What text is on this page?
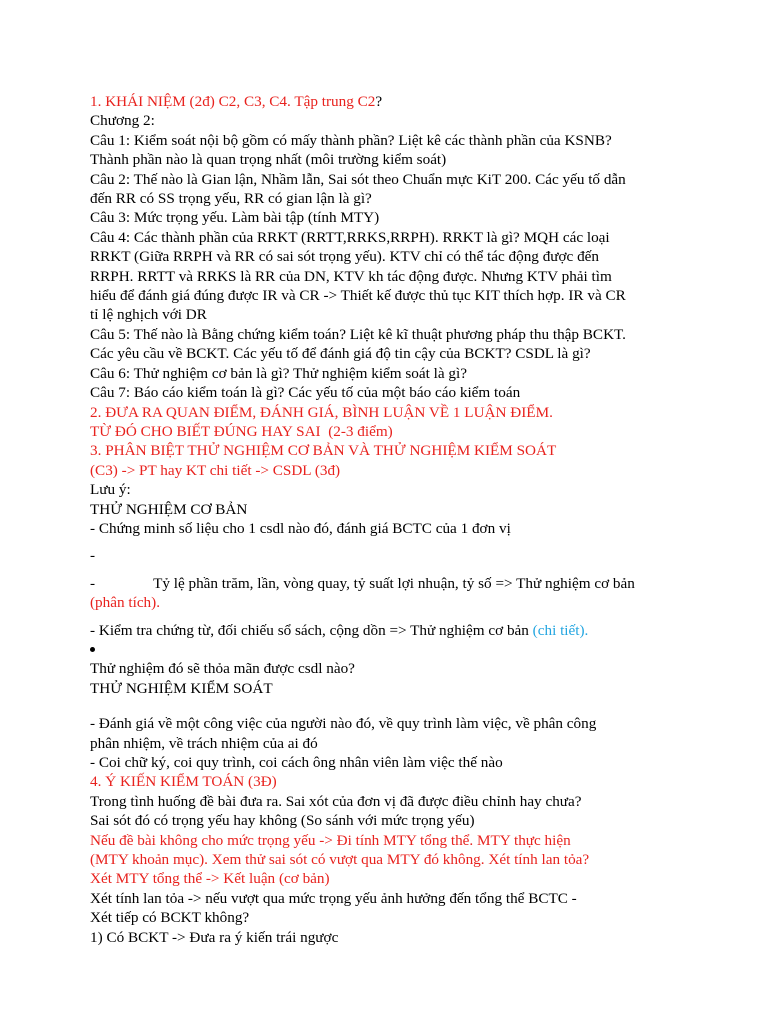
1. KHÁI NIỆM (2đ) C2, C3, C4. Tập trung C2?
Chương 2:
Câu 1: Kiểm soát nội bộ gồm có mấy thành phần? Liệt kê các thành phần của KSNB?
Thành phần nào là quan trọng nhất (môi trường kiểm soát)
Câu 2: Thế nào là Gian lận, Nhầm lẫn, Sai sót theo Chuẩn mực KiT 200. Các yếu tố dẫn
đến RR có SS trọng yếu, RR có gian lận là gì?
Câu 3: Mức trọng yếu. Làm bài tập (tính MTY)
Câu 4: Các thành phần của RRKT (RRTT,RRKS,RRPH). RRKT là gì? MQH các loại
RRKT (Giữa RRPH và RR có sai sót trọng yếu). KTV chỉ có thể tác động được đến
RRPH. RRTT và RRKS là RR của DN, KTV kh tác động được. Nhưng KTV phải tìm
hiểu để đánh giá đúng được IR và CR -> Thiết kế được thủ tục KIT thích hợp. IR và CR
tỉ lệ nghịch với DR
Câu 5: Thế nào là Bằng chứng kiểm toán? Liệt kê kĩ thuật phương pháp thu thập BCKT.
Các yêu cầu về BCKT. Các yếu tố để đánh giá độ tin cậy của BCKT? CSDL là gì?
Câu 6: Thử nghiệm cơ bản là gì? Thử nghiệm kiểm soát là gì?
Câu 7: Báo cáo kiểm toán là gì? Các yếu tố của một báo cáo kiểm toán
2. ĐƯA RA QUAN ĐIỂM, ĐÁNH GIÁ, BÌNH LUẬN VỀ 1 LUẬN ĐIỂM.
TỪ ĐÓ CHO BIẾT ĐÚNG HAY SAI  (2-3 điểm)
3. PHÂN BIỆT THỬ NGHIỆM CƠ BẢN VÀ THỬ NGHIỆM KIỂM SOÁT
(C3) -> PT hay KT chi tiết -> CSDL (3đ)
Lưu ý:
THỬ NGHIỆM CƠ BẢN
- Chứng minh số liệu cho 1 csdl nào đó, đánh giá BCTC của 1 đơn vị
-
-	Tỷ lệ phần trăm, lần, vòng quay, tỷ suất lợi nhuận, tỷ số => Thử nghiệm cơ bản
(phân tích).
- Kiểm tra chứng từ, đối chiếu sổ sách, cộng dồn => Thử nghiệm cơ bản (chi tiết).
Thử nghiệm đó sẽ thỏa mãn được csdl nào?
THỬ NGHIỆM KIỂM SOÁT
- Đánh giá về một công việc của người nào đó, về quy trình làm việc, về phân công
phân nhiệm, về trách nhiệm của ai đó
- Coi chữ ký, coi quy trình, coi cách ông nhân viên làm việc thế nào
4. Ý KIẾN KIỂM TOÁN (3Đ)
Trong tình huống đề bài đưa ra. Sai xót của đơn vị đã được điều chỉnh hay chưa?
Sai sót đó có trọng yếu hay không (So sánh với mức trọng yếu)
Nếu đề bài không cho mức trọng yếu -> Đi tính MTY tổng thể. MTY thực hiện
(MTY khoản mục). Xem thử sai sót có vượt qua MTY đó không. Xét tính lan tỏa?
Xét MTY tổng thể -> Kết luận (cơ bản)
Xét tính lan tỏa -> nếu vượt qua mức trọng yếu ảnh hưởng đến tổng thể BCTC -
Xét tiếp có BCKT không?
1) Có BCKT -> Đưa ra ý kiến trái ngược
